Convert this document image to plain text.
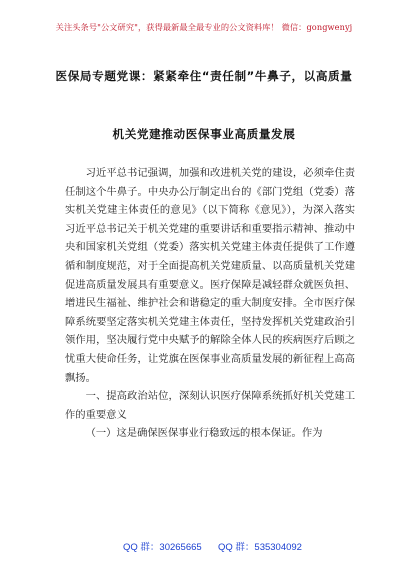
关注头条号"公文研究"，获得最新最全最专业的公文资料库！ 微信：gongwenyj
医保局专题党课：紧紧牵住“责任制”牛鼻子，以高质量
机关党建推动医保事业高质量发展

习近平总书记强调，加强和改进机关党的建设，必须牵住责任制这个牛鼻子。中央办公厅制定出台的《部门党组（党委）落实机关党建主体责任的意见》（以下简称《意见》），为深入落实习近平总书记关于机关党建的重要讲话和重要指示精神、推动中央和国家机关党组（党委）落实机关党建主体责任提供了工作遵循和制度规范，对于全面提高机关党建质量、以高质量机关党建促进高质量发展具有重要意义。医疗保障是减轻群众就医负担、增进民生福祉、维护社会和谐稳定的重大制度安排。全市医疗保障系统要坚定落实机关党建主体责任，坚持发挥机关党建政治引领作用，坚决履行党中央赋予的解除全体人民的疾病医疗后顾之忧重大使命任务，让党旗在医保事业高质量发展的新征程上高高飘扬。

一、提高政治站位，深刻认识医疗保障系统抓好机关党建工作的重要意义

（一）这是确保医保事业行稳致远的根本保证。作为

QQ 群：30265665 QQ 群：535304092
